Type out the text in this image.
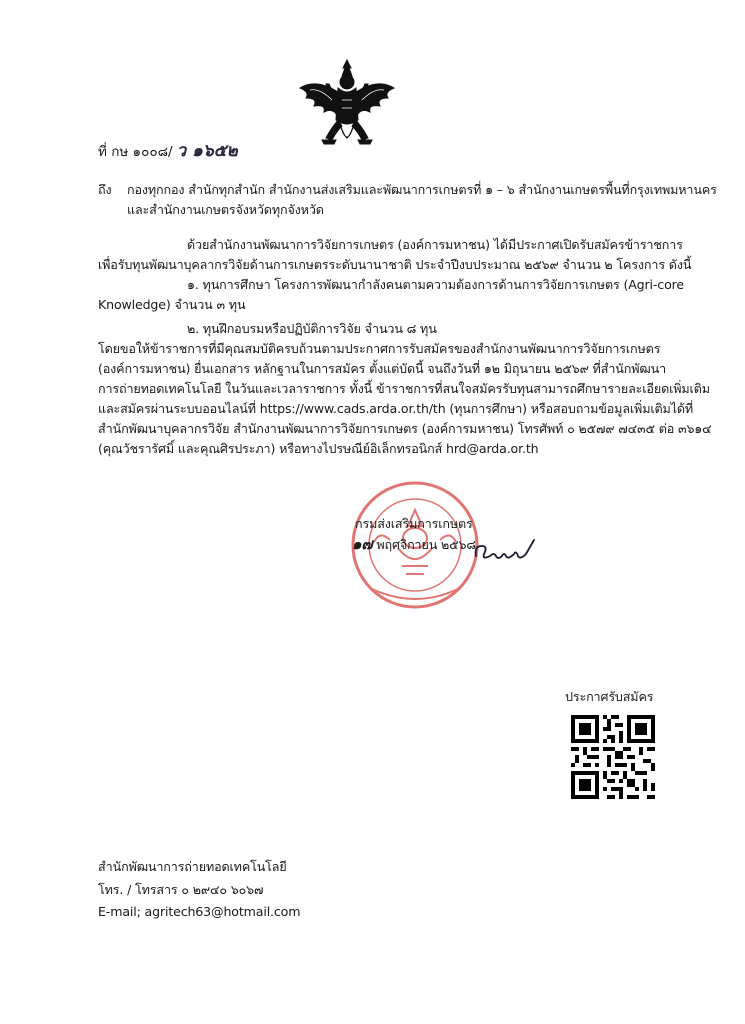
ที่ กษ ๑๐๐๘/ ว ๑๖๕๒
ถึง กองทุกกอง สำนักทุกสำนัก สำนักงานส่งเสริมและพัฒนาการเกษตรที่ ๑ – ๖ สำนักงานเกษตรพื้นที่กรุงเทพมหานคร
และสำนักงานเกษตรจังหวัดทุกจังหวัด
ด้วยสำนักงานพัฒนาการวิจัยการเกษตร (องค์การมหาชน) ได้มีประกาศเปิดรับสมัครข้าราชการ
เพื่อรับทุนพัฒนาบุคลากรวิจัยด้านการเกษตรระดับนานาชาติ ประจำปีงบประมาณ ๒๕๖๙ จำนวน ๒ โครงการ ดังนี้
๑. ทุนการศึกษา โครงการพัฒนากำลังคนตามความต้องการด้านการวิจัยการเกษตร (Agri-core
Knowledge) จำนวน ๓ ทุน
๒. ทุนฝึกอบรมหรือปฏิบัติการวิจัย จำนวน ๘ ทุน
โดยขอให้ข้าราชการที่มีคุณสมบัติครบถ้วนตามประกาศการรับสมัครของสำนักงานพัฒนาการวิจัยการเกษตร
(องค์การมหาชน) ยื่นเอกสาร หลักฐานในการสมัคร ตั้งแต่บัดนี้ จนถึงวันที่ ๑๒ มิถุนายน ๒๕๖๙ ที่สำนักพัฒนา
การถ่ายทอดเทคโนโลยี ในวันและเวลาราชการ ทั้งนี้ ข้าราชการที่สนใจสมัครรับทุนสามารถศึกษารายละเอียดเพิ่มเติม
และสมัครผ่านระบบออนไลน์ที่ https://www.cads.arda.or.th/th (ทุนการศึกษา) หรือสอบถามข้อมูลเพิ่มเติมได้ที่
สำนักพัฒนาบุคลากรวิจัย สำนักงานพัฒนาการวิจัยการเกษตร (องค์การมหาชน) โทรศัพท์ ๐ ๒๕๗๙ ๗๔๓๕ ต่อ ๓๖๑๔
(คุณวัชรารัศมิ์ และคุณศิรประภา) หรือทางไปรษณีย์อิเล็กทรอนิกส์ hrd@arda.or.th
กรมส่งเสริมการเกษตร
๑๗ พฤศจิกายน ๒๕๖๘
ประกาศรับสมัคร
สำนักพัฒนาการถ่ายทอดเทคโนโลยี
โทร. / โทรสาร ๐ ๒๙๔๐ ๖๐๖๗
E-mail; agritech63@hotmail.com
